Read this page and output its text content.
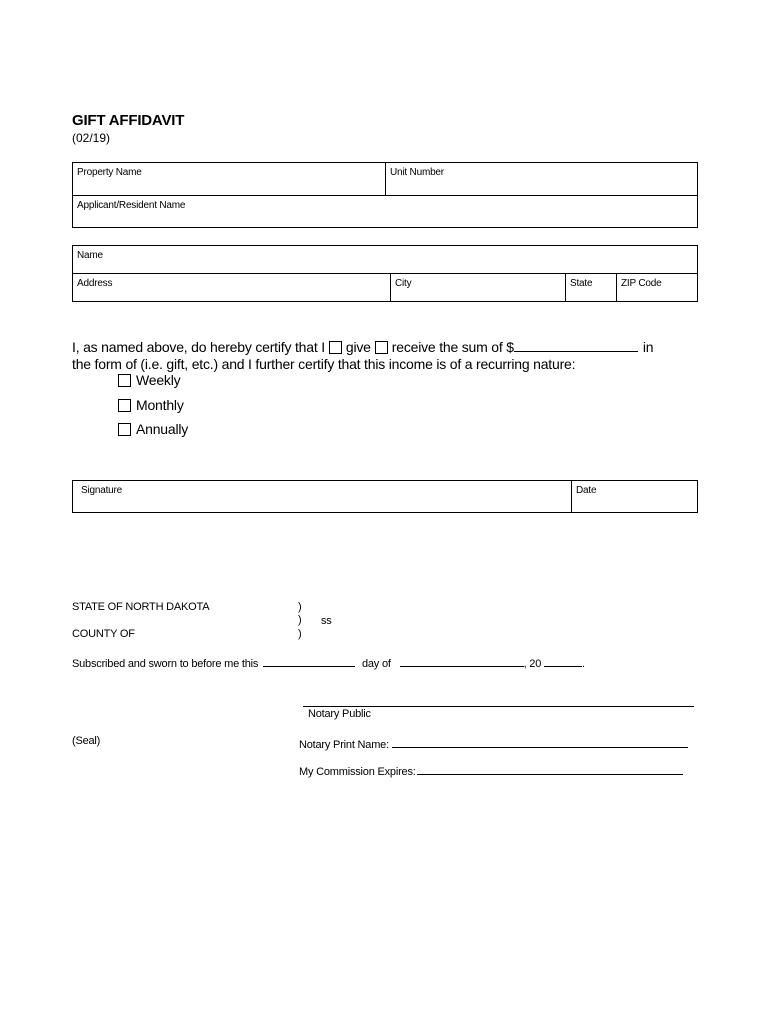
GIFT AFFIDAVIT
(02/19)
Property Name	Unit Number
Applicant/Resident Name
Name
Address	City	State	ZIP Code
I, as named above, do hereby certify that I give receive the sum of $	in
the form of (i.e. gift, etc.) and I further certify that this income is of a recurring nature:
Weekly
Monthly
Annually
Signature	Date
STATE OF NORTH DAKOTA
COUNTY OF
)
)
)
ss
Subscribed and sworn to before me this	day of	, 20	.
Notary Public
(Seal)	Notary Print Name:
My Commission Expires:
